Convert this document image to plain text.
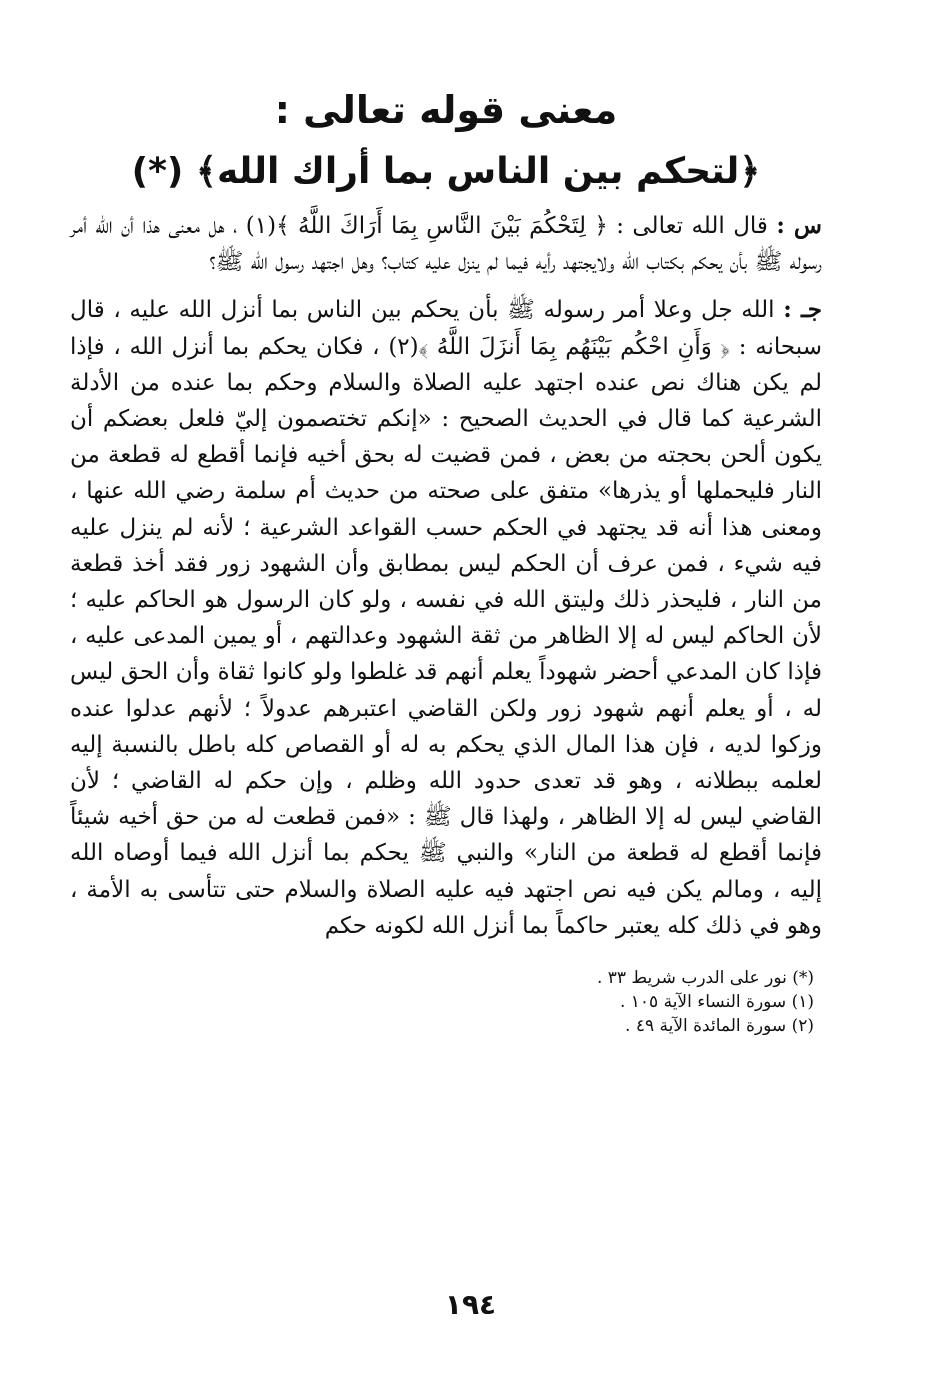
معنى قوله تعالى :
﴿لتحكم بين الناس بما أراك الله﴾ (*)

س : قال الله تعالى : ﴿ لِتَحْكُمَ بَيْنَ النَّاسِ بِمَا أَرَاكَ اللَّهُ ﴾(١) ، هل معنى هذا أن الله أمر رسوله ﷺ بأن يحكم بكتاب الله ولايجتهد رأيه فيما لم ينزل عليه كتاب؟ وهل اجتهد رسول الله ﷺ؟

جـ : الله جل وعلا أمر رسوله ﷺ بأن يحكم بين الناس بما أنزل الله عليه ، قال سبحانه : ﴿ وَأَنِ احْكُم بَيْنَهُم بِمَا أَنزَلَ اللَّهُ ﴾(٢) ، فكان يحكم بما أنزل الله ، فإذا لم يكن هناك نص عنده اجتهد عليه الصلاة والسلام وحكم بما عنده من الأدلة الشرعية كما قال في الحديث الصحيح : «إنكم تختصمون إليّ فلعل بعضكم أن يكون ألحن بحجته من بعض ، فمن قضيت له بحق أخيه فإنما أقطع له قطعة من النار فليحملها أو يذرها» متفق على صحته من حديث أم سلمة رضي الله عنها ، ومعنى هذا أنه قد يجتهد في الحكم حسب القواعد الشرعية ؛ لأنه لم ينزل عليه فيه شيء ، فمن عرف أن الحكم ليس بمطابق وأن الشهود زور فقد أخذ قطعة من النار ، فليحذر ذلك وليتق الله في نفسه ، ولو كان الرسول هو الحاكم عليه ؛ لأن الحاكم ليس له إلا الظاهر من ثقة الشهود وعدالتهم ، أو يمين المدعى عليه ، فإذا كان المدعي أحضر شهوداً يعلم أنهم قد غلطوا ولو كانوا ثقاة وأن الحق ليس له ، أو يعلم أنهم شهود زور ولكن القاضي اعتبرهم عدولاً ؛ لأنهم عدلوا عنده وزكوا لديه ، فإن هذا المال الذي يحكم به له أو القصاص كله باطل بالنسبة إليه لعلمه ببطلانه ، وهو قد تعدى حدود الله وظلم ، وإن حكم له القاضي ؛ لأن القاضي ليس له إلا الظاهر ، ولهذا قال ﷺ : «فمن قطعت له من حق أخيه شيئاً فإنما أقطع له قطعة من النار» والنبي ﷺ يحكم بما أنزل الله فيما أوصاه الله إليه ، ومالم يكن فيه نص اجتهد فيه عليه الصلاة والسلام حتى تتأسى به الأمة ، وهو في ذلك كله يعتبر حاكماً بما أنزل الله لكونه حكم

(*) نور على الدرب شريط ٣٣ .
(١) سورة النساء الآية ١٠٥ .
(٢) سورة المائدة الآية ٤٩ .
١٩٤
